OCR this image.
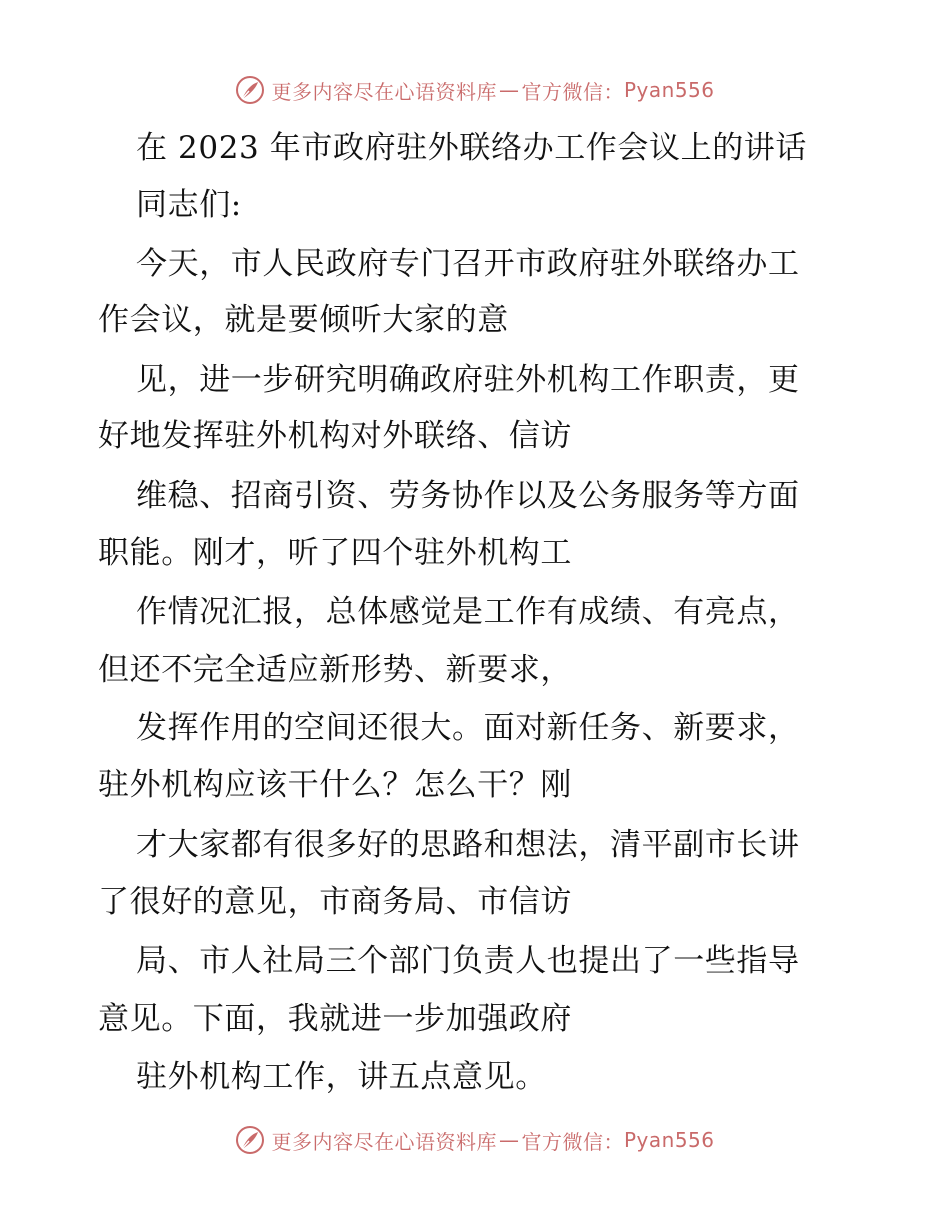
更多内容尽在心语资料库 — 官方微信： Pyan556
在 2023 年市政府驻外联络办工作会议上的讲话
同志们:
今天，市人民政府专门召开市政府驻外联络办工
作会议，就是要倾听大家的意
见，进一步研究明确政府驻外机构工作职责，更
好地发挥驻外机构对外联络、信访
维稳、招商引资、劳务协作以及公务服务等方面
职能。刚才，听了四个驻外机构工
作情况汇报，总体感觉是工作有成绩、有亮点，
但还不完全适应新形势、新要求，
发挥作用的空间还很大。面对新任务、新要求，
驻外机构应该干什么？怎么干？刚
才大家都有很多好的思路和想法，清平副市长讲
了很好的意见，市商务局、市信访
局、市人社局三个部门负责人也提出了一些指导
意见。下面，我就进一步加强政府
驻外机构工作，讲五点意见。
更多内容尽在心语资料库 — 官方微信： Pyan556
